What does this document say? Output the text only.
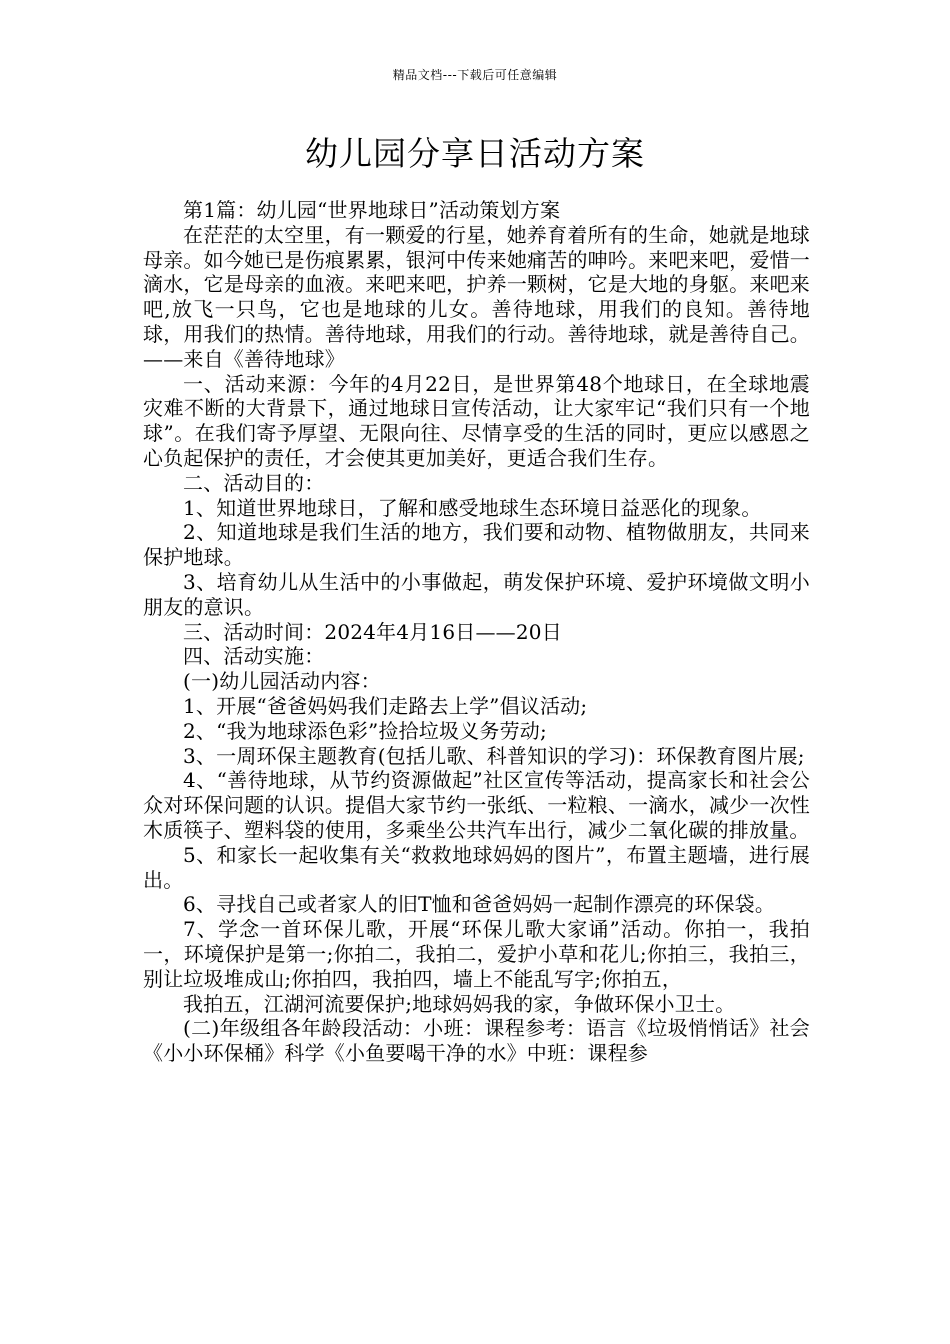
精品文档---下载后可任意编辑
幼儿园分享日活动方案

第1篇：幼儿园“世界地球日”活动策划方案

在茫茫的太空里，有一颗爱的行星，她养育着所有的生命，她就是地球母亲。如今她已是伤痕累累，银河中传来她痛苦的呻吟。来吧来吧，爱惜一滴水，它是母亲的血液。来吧来吧，护养一颗树，它是大地的身躯。来吧来吧,放飞一只鸟，它也是地球的儿女。善待地球，用我们的良知。善待地球，用我们的热情。善待地球，用我们的行动。善待地球，就是善待自己。——来自《善待地球》

一、活动来源：今年的4月22日，是世界第48个地球日，在全球地震灾难不断的大背景下，通过地球日宣传活动，让大家牢记“我们只有一个地球”。在我们寄予厚望、无限向往、尽情享受的生活的同时，更应以感恩之心负起保护的责任，才会使其更加美好，更适合我们生存。

二、活动目的：

1、知道世界地球日，了解和感受地球生态环境日益恶化的现象。

2、知道地球是我们生活的地方，我们要和动物、植物做朋友，共同来保护地球。

3、培育幼儿从生活中的小事做起，萌发保护环境、爱护环境做文明小朋友的意识。

三、活动时间：2024年4月16日——20日

四、活动实施：

(一)幼儿园活动内容：

1、开展“爸爸妈妈我们走路去上学”倡议活动;

2、“我为地球添色彩”捡拾垃圾义务劳动;

3、一周环保主题教育(包括儿歌、科普知识的学习)：环保教育图片展;

4、“善待地球，从节约资源做起”社区宣传等活动，提高家长和社会公众对环保问题的认识。提倡大家节约一张纸、一粒粮、一滴水，减少一次性木质筷子、塑料袋的使用，多乘坐公共汽车出行，减少二氧化碳的排放量。

5、和家长一起收集有关“救救地球妈妈的图片”，布置主题墙，进行展出。

6、寻找自己或者家人的旧T恤和爸爸妈妈一起制作漂亮的环保袋。

7、学念一首环保儿歌，开展“环保儿歌大家诵”活动。你拍一，我拍一，环境保护是第一;你拍二，我拍二，爱护小草和花儿;你拍三，我拍三，别让垃圾堆成山;你拍四，我拍四，墙上不能乱写字;你拍五，

我拍五，江湖河流要保护;地球妈妈我的家，争做环保小卫士。

(二)年级组各年龄段活动：小班：课程参考：语言《垃圾悄悄话》社会《小小环保桶》科学《小鱼要喝干净的水》中班：课程参
